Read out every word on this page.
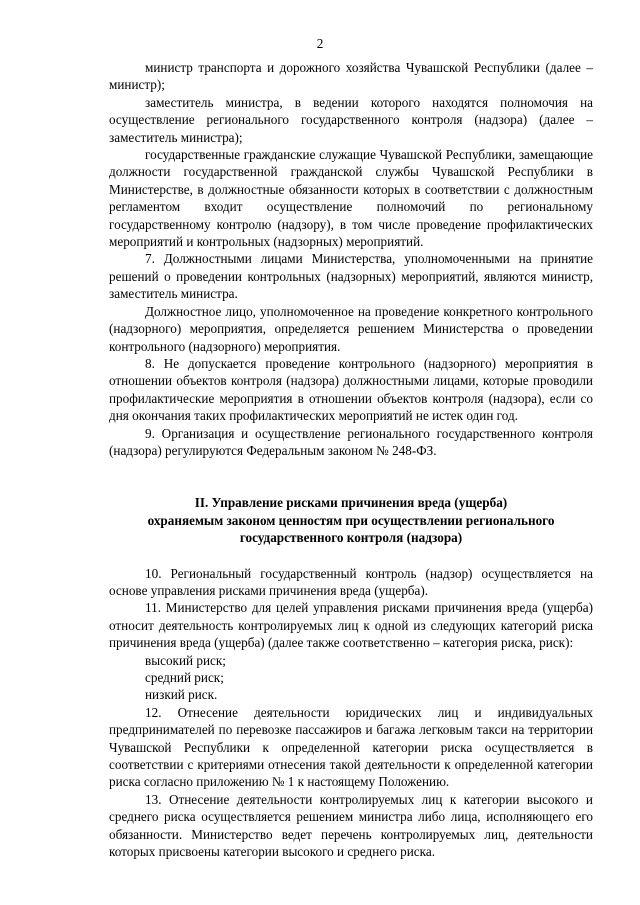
2

министр транспорта и дорожного хозяйства Чувашской Республики (далее – министр);

заместитель министра, в ведении которого находятся полномочия на осуществление регионального государственного контроля (надзора) (далее – заместитель министра);

государственные гражданские служащие Чувашской Республики, замещающие должности государственной гражданской службы Чувашской Республики в Министерстве, в должностные обязанности которых в соответствии с должностным регламентом входит осуществление полномочий по региональному государственному контролю (надзору), в том числе проведение профилактических мероприятий и контрольных (надзорных) мероприятий.

7. Должностными лицами Министерства, уполномоченными на принятие решений о проведении контрольных (надзорных) мероприятий, являются министр, заместитель министра.

Должностное лицо, уполномоченное на проведение конкретного контрольного (надзорного) мероприятия, определяется решением Министерства о проведении контрольного (надзорного) мероприятия.

8. Не допускается проведение контрольного (надзорного) мероприятия в отношении объектов контроля (надзора) должностными лицами, которые проводили профилактические мероприятия в отношении объектов контроля (надзора), если со дня окончания таких профилактических мероприятий не истек один год.

9. Организация и осуществление регионального государственного контроля (надзора) регулируются Федеральным законом № 248-ФЗ.

II. Управление рисками причинения вреда (ущерба)

охраняемым законом ценностям при осуществлении регионального

государственного контроля (надзора)

10. Региональный государственный контроль (надзор) осуществляется на основе управления рисками причинения вреда (ущерба).

11. Министерство для целей управления рисками причинения вреда (ущерба) относит деятельность контролируемых лиц к одной из следующих категорий риска причинения вреда (ущерба) (далее также соответственно – категория риска, риск):

высокий риск;

средний риск;

низкий риск.

12. Отнесение деятельности юридических лиц и индивидуальных предпринимателей по перевозке пассажиров и багажа легковым такси на территории Чувашской Республики к определенной категории риска осуществляется в соответствии с критериями отнесения такой деятельности к определенной категории риска согласно приложению № 1 к настоящему Положению.

13. Отнесение деятельности контролируемых лиц к категории высокого и среднего риска осуществляется решением министра либо лица, исполняющего его обязанности. Министерство ведет перечень контролируемых лиц, деятельности которых присвоены категории высокого и среднего риска.
